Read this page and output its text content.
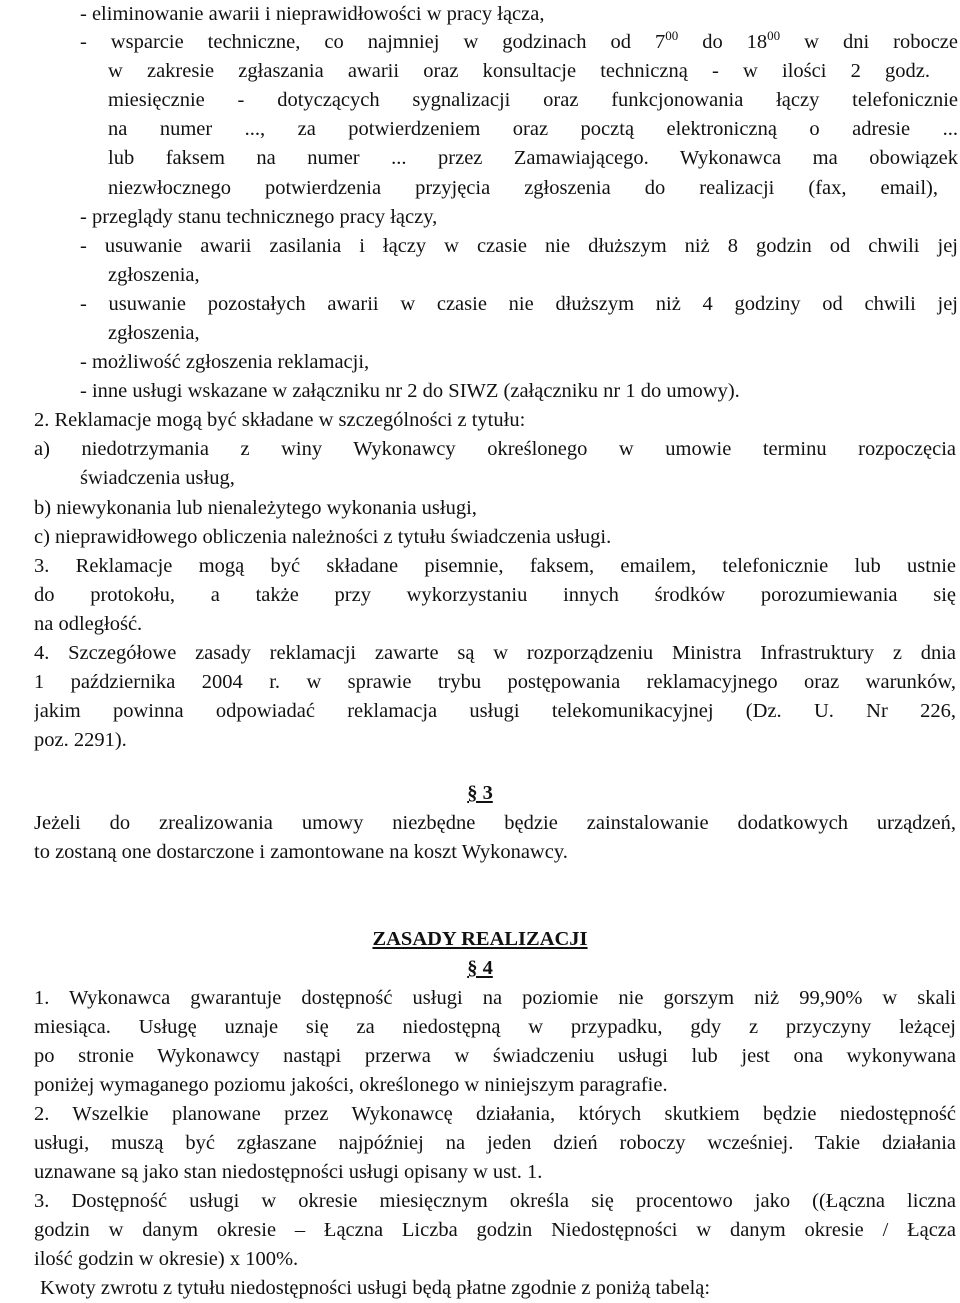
- eliminowanie awarii i nieprawidłowości w pracy łącza,
- wsparcie techniczne, co najmniej w godzinach od $7^{00}$ do $18^{00}$ w dni robocze
w zakresie zgłaszania awarii oraz konsultacje techniczną - w ilości 2 godz.
miesięcznie - dotyczących sygnalizacji oraz funkcjonowania łączy telefonicznie
na numer ..., za potwierdzeniem oraz pocztą elektroniczną o adresie ...
lub faksem na numer ... przez Zamawiającego. Wykonawca ma obowiązek
niezwłocznego potwierdzenia przyjęcia zgłoszenia do realizacji (fax, email),
- przeglądy stanu technicznego pracy łączy,
- usuwanie awarii zasilania i łączy w czasie nie dłuższym niż 8 godzin od chwili jej
zgłoszenia,
- usuwanie pozostałych awarii w czasie nie dłuższym niż 4 godziny od chwili jej
zgłoszenia,
- możliwość zgłoszenia reklamacji,
- inne usługi wskazane w załączniku nr 2 do SIWZ (załączniku nr 1 do umowy).
2. Reklamacje mogą być składane w szczególności z tytułu:
a) niedotrzymania z winy Wykonawcy określonego w umowie terminu rozpoczęcia
świadczenia usług,
b) niewykonania lub nienależytego wykonania usługi,
c) nieprawidłowego obliczenia należności z tytułu świadczenia usługi.
3. Reklamacje mogą być składane pisemnie, faksem, emailem, telefonicznie lub ustnie
do protokołu, a także przy wykorzystaniu innych środków porozumiewania się
na odległość.
4. Szczegółowe zasady reklamacji zawarte są w rozporządzeniu Ministra Infrastruktury z dnia
1 października 2004 r. w sprawie trybu postępowania reklamacyjnego oraz warunków,
jakim powinna odpowiadać reklamacja usługi telekomunikacyjnej (Dz. U. Nr 226,
poz. 2291).
§ 3
Jeżeli do zrealizowania umowy niezbędne będzie zainstalowanie dodatkowych urządzeń,
to zostaną one dostarczone i zamontowane na koszt Wykonawcy.
ZASADY REALIZACJI
§ 4
1. Wykonawca gwarantuje dostępność usługi na poziomie nie gorszym niż 99,90% w skali
miesiąca. Usługę uznaje się za niedostępną w przypadku, gdy z przyczyny leżącej
po stronie Wykonawcy nastąpi przerwa w świadczeniu usługi lub jest ona wykonywana
poniżej wymaganego poziomu jakości, określonego w niniejszym paragrafie.
2. Wszelkie planowane przez Wykonawcę działania, których skutkiem będzie niedostępność
usługi, muszą być zgłaszane najpóźniej na jeden dzień roboczy wcześniej. Takie działania
uznawane są jako stan niedostępności usługi opisany w ust. 1.
3. Dostępność usługi w okresie miesięcznym określa się procentowo jako ((Łączna liczna
godzin w danym okresie – Łączna Liczba godzin Niedostępności w danym okresie / Łącza
ilość godzin w okresie) x 100%.
Kwoty zwrotu z tytułu niedostępności usługi będą płatne zgodnie z poniżą tabelą:
